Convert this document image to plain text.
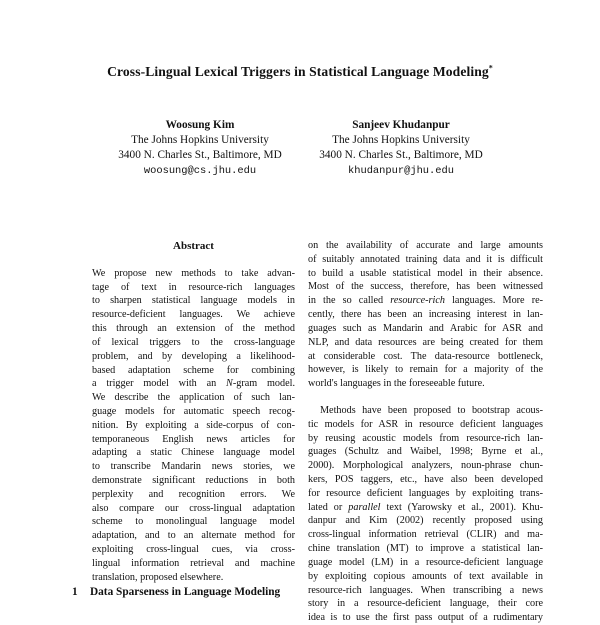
Cross-Lingual Lexical Triggers in Statistical Language Modeling*
Woosung Kim
The Johns Hopkins University
3400 N. Charles St., Baltimore, MD
woosung@cs.jhu.edu
Sanjeev Khudanpur
The Johns Hopkins University
3400 N. Charles St., Baltimore, MD
khudanpur@jhu.edu
Abstract
We propose new methods to take advan-
tage of text in resource-rich languages
to sharpen statistical language models in
resource-deficient languages. We achieve
this through an extension of the method
of lexical triggers to the cross-language
problem, and by developing a likelihood-
based adaptation scheme for combining
a trigger model with an N-gram model.
We describe the application of such lan-
guage models for automatic speech recog-
nition. By exploiting a side-corpus of con-
temporaneous English news articles for
adapting a static Chinese language model
to transcribe Mandarin news stories, we
demonstrate significant reductions in both
perplexity and recognition errors. We
also compare our cross-lingual adaptation
scheme to monolingual language model
adaptation, and to an alternate method for
exploiting cross-lingual cues, via cross-
lingual information retrieval and machine
translation, proposed elsewhere.
1 Data Sparseness in Language Modeling
on the availability of accurate and large amounts
of suitably annotated training data and it is difficult
to build a usable statistical model in their absence.
Most of the success, therefore, has been witnessed
in the so called resource-rich languages. More re-
cently, there has been an increasing interest in lan-
guages such as Mandarin and Arabic for ASR and
NLP, and data resources are being created for them
at considerable cost. The data-resource bottleneck,
however, is likely to remain for a majority of the
world's languages in the foreseeable future.
Methods have been proposed to bootstrap acous-
tic models for ASR in resource deficient languages
by reusing acoustic models from resource-rich lan-
guages (Schultz and Waibel, 1998; Byrne et al.,
2000). Morphological analyzers, noun-phrase chun-
kers, POS taggers, etc., have also been developed
for resource deficient languages by exploiting trans-
lated or parallel text (Yarowsky et al., 2001). Khu-
danpur and Kim (2002) recently proposed using
cross-lingual information retrieval (CLIR) and ma-
chine translation (MT) to improve a statistical lan-
guage model (LM) in a resource-deficient language
by exploiting copious amounts of text available in
resource-rich languages. When transcribing a news
story in a resource-deficient language, their core
idea is to use the first pass output of a rudimentary
